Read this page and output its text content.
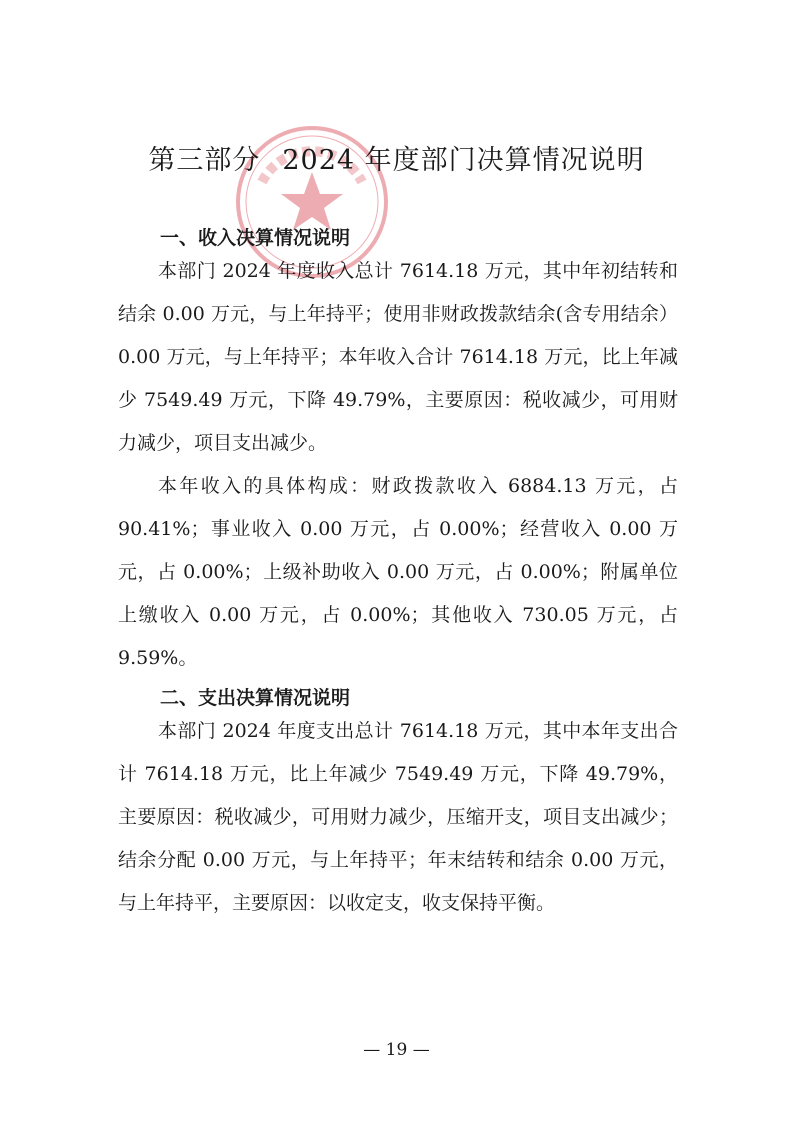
第三部分 2024 年度部门决算情况说明
一、收入决算情况说明

本部门 2024 年度收入总计 7614.18 万元，其中年初结转和结余 0.00 万元，与上年持平；使用非财政拨款结余(含专用结余）0.00 万元，与上年持平；本年收入合计 7614.18 万元，比上年减少 7549.49 万元，下降 49.79%，主要原因：税收减少，可用财力减少，项目支出减少。

本年收入的具体构成：财政拨款收入 6884.13 万元，占 90.41%；事业收入 0.00 万元，占 0.00%；经营收入 0.00 万元，占 0.00%；上级补助收入 0.00 万元，占 0.00%；附属单位上缴收入 0.00 万元，占 0.00%；其他收入 730.05 万元，占 9.59%。

二、支出决算情况说明

本部门 2024 年度支出总计 7614.18 万元，其中本年支出合计 7614.18 万元，比上年减少 7549.49 万元，下降 49.79%，主要原因：税收减少，可用财力减少，压缩开支，项目支出减少；结余分配 0.00 万元，与上年持平；年末结转和结余 0.00 万元，与上年持平，主要原因：以收定支，收支保持平衡。

— 19 —
